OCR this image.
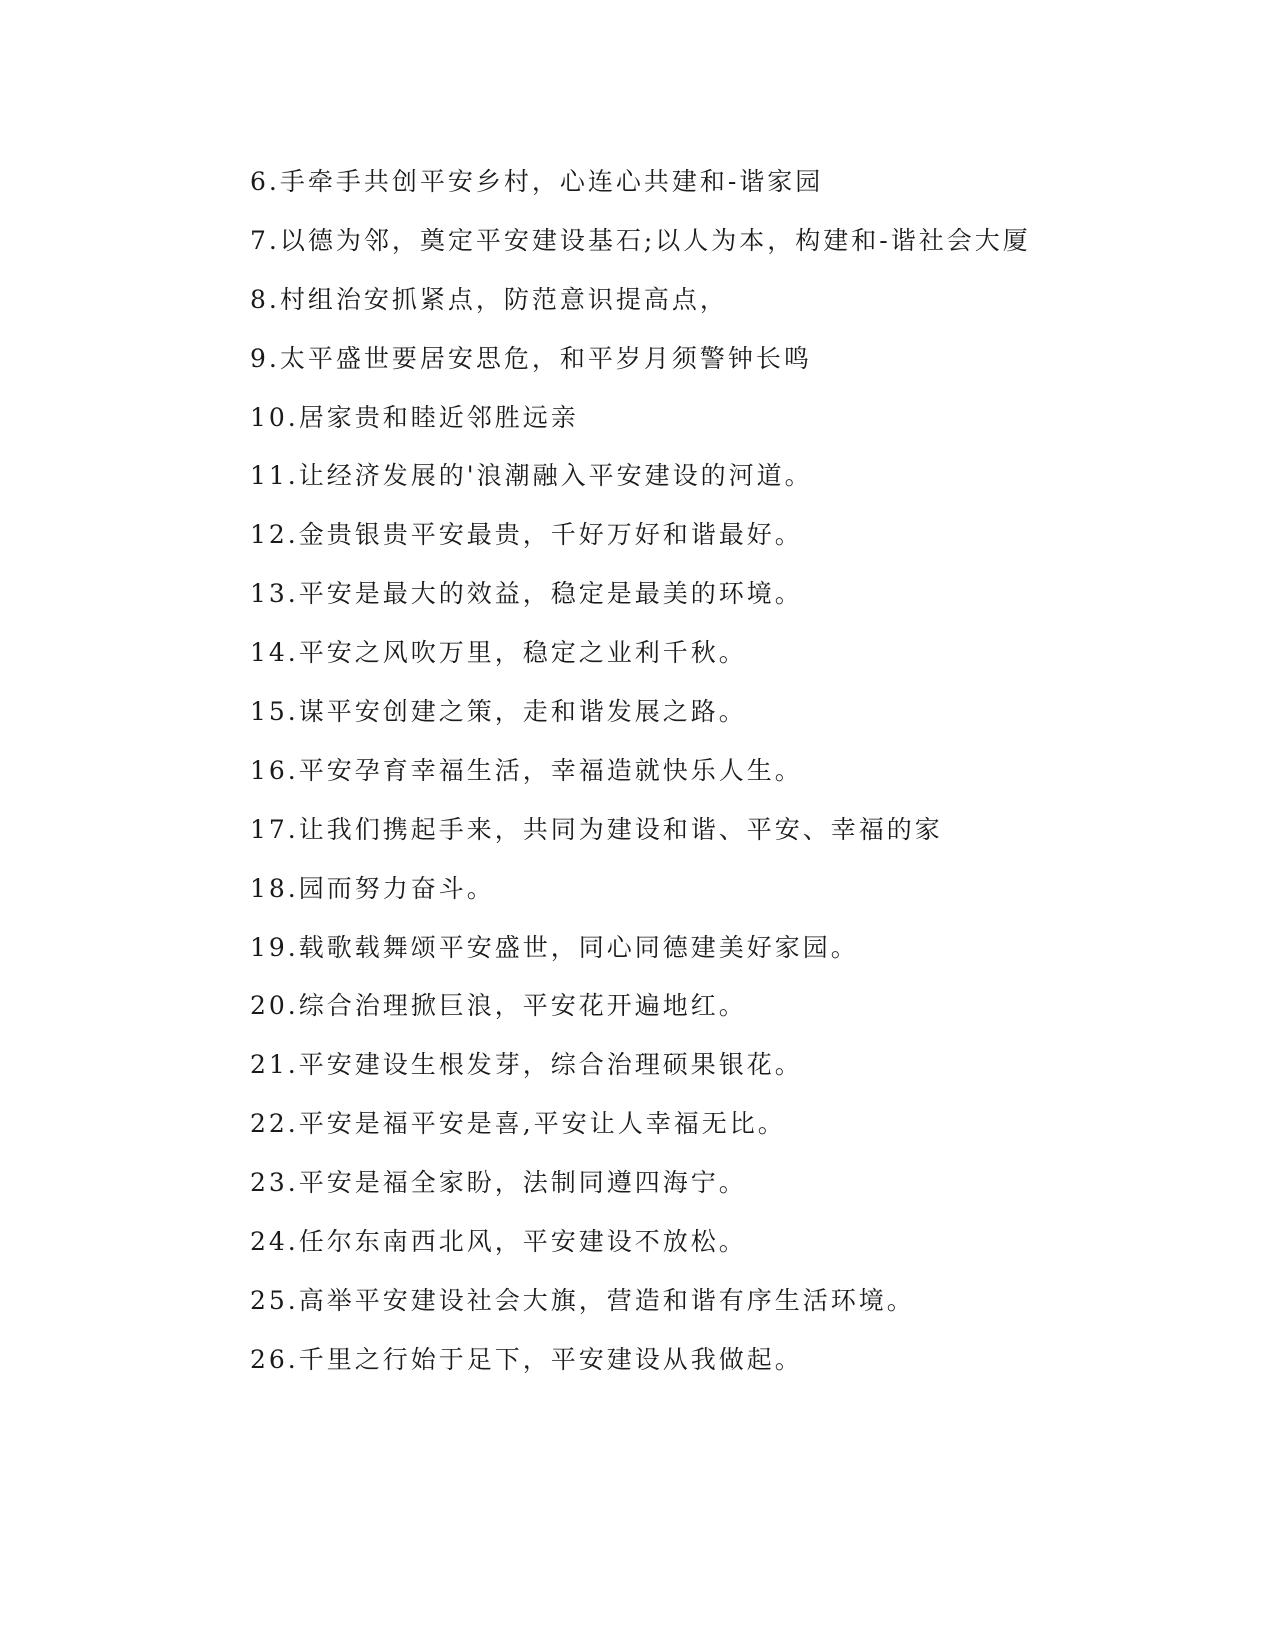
6.手牵手共创平安乡村，心连心共建和-谐家园
7.以德为邻，奠定平安建设基石;以人为本，构建和-谐社会大厦
8.村组治安抓紧点，防范意识提高点，
9.太平盛世要居安思危，和平岁月须警钟长鸣
10.居家贵和睦近邻胜远亲
11.让经济发展的'浪潮融入平安建设的河道。
12.金贵银贵平安最贵，千好万好和谐最好。
13.平安是最大的效益，稳定是最美的环境。
14.平安之风吹万里，稳定之业利千秋。
15.谋平安创建之策，走和谐发展之路。
16.平安孕育幸福生活，幸福造就快乐人生。
17.让我们携起手来，共同为建设和谐、平安、幸福的家
18.园而努力奋斗。
19.载歌载舞颂平安盛世，同心同德建美好家园。
20.综合治理掀巨浪，平安花开遍地红。
21.平安建设生根发芽，综合治理硕果银花。
22.平安是福平安是喜,平安让人幸福无比。
23.平安是福全家盼，法制同遵四海宁。
24.任尔东南西北风，平安建设不放松。
25.高举平安建设社会大旗，营造和谐有序生活环境。
26.千里之行始于足下，平安建设从我做起。
